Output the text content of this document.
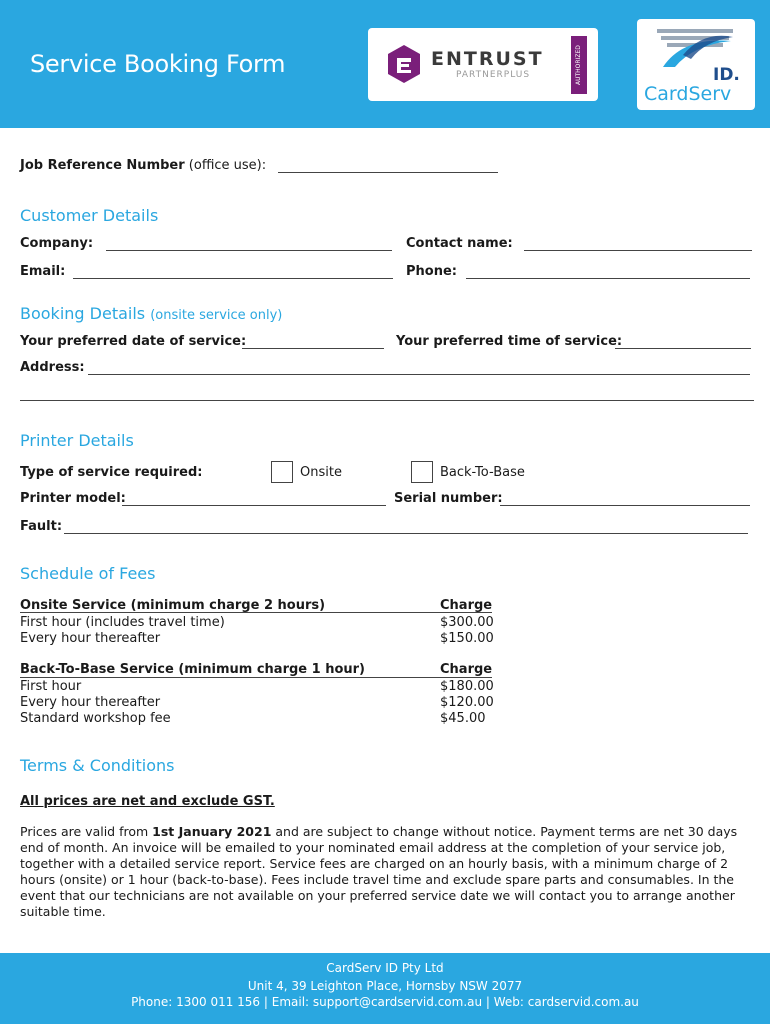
Service Booking Form	ENTRUST
PARTNERPLUS	AUTHORIZED	ID.
CardServ
Job Reference Number (office use):
Customer Details
Company:	Contact name:
Email:	Phone:
Booking Details (onsite service only)
Your preferred date of service:	Your preferred time of service:
Address:
Printer Details
Type of service required:	Onsite	Back-To-Base
Printer model:	Serial number:
Fault:
Schedule of Fees
Onsite Service (minimum charge 2 hours)	Charge
First hour (includes travel time)	$300.00
Every hour thereafter	$150.00
Back-To-Base Service (minimum charge 1 hour)	Charge
First hour	$180.00
Every hour thereafter	$120.00
Standard workshop fee	$45.00
Terms & Conditions
All prices are net and exclude GST.
Prices are valid from 1st January 2021 and are subject to change without notice. Payment terms are net 30 days end of month. An invoice will be emailed to your nominated email address at the completion of your service job, together with a detailed service report. Service fees are charged on an hourly basis, with a minimum charge of 2 hours (onsite) or 1 hour (back-to-base). Fees include travel time and exclude spare parts and consumables. In the event that our technicians are not available on your preferred service date we will contact you to arrange another suitable time.
CardServ ID Pty Ltd
Unit 4, 39 Leighton Place, Hornsby NSW 2077
Phone: 1300 011 156 | Email: support@cardservid.com.au | Web: cardservid.com.au
